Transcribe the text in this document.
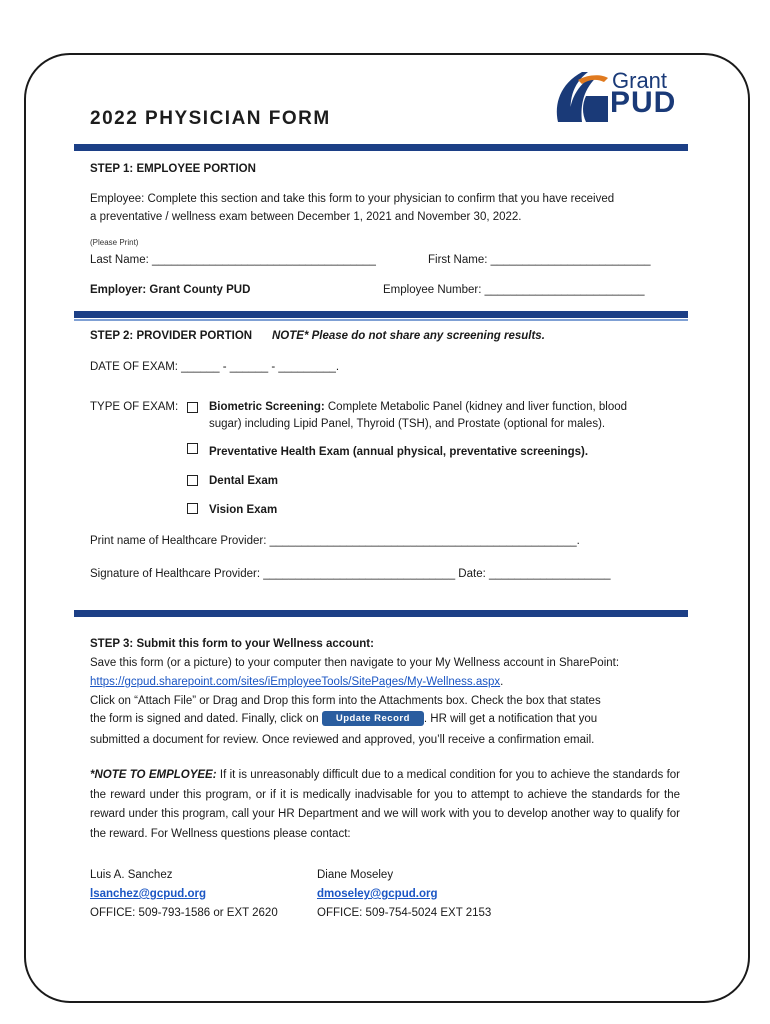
2022 PHYSICIAN FORM
Grant
PUD
STEP 1: EMPLOYEE PORTION
Employee: Complete this section and take this form to your physician to confirm that you have received
a preventative / wellness exam between December 1, 2021 and November 30, 2022.
(Please Print)
Last Name: ___________________________________	First Name: _________________________
Employer: Grant County PUD	Employee Number: _________________________
STEP 2: PROVIDER PORTION NOTE* Please do not share any screening results.
DATE OF EXAM: ______ - ______ - _________.
TYPE OF EXAM:	Biometric Screening: Complete Metabolic Panel (kidney and liver function, blood
sugar) including Lipid Panel, Thyroid (TSH), and Prostate (optional for males).
Preventative Health Exam (annual physical, preventative screenings).
Dental Exam
Vision Exam
Print name of Healthcare Provider: ________________________________________________.
Signature of Healthcare Provider: ______________________________ Date: ___________________
STEP 3: Submit this form to your Wellness account:
Save this form (or a picture) to your computer then navigate to your My Wellness account in SharePoint:
https://gcpud.sharepoint.com/sites/iEmployeeTools/SitePages/My-Wellness.aspx.
Click on “Attach File” or Drag and Drop this form into the Attachments box. Check the box that states
the form is signed and dated. Finally, click on Update Record . HR will get a notification that you
submitted a document for review. Once reviewed and approved, you’ll receive a confirmation email.
*NOTE TO EMPLOYEE: If it is unreasonably difficult due to a medical condition for you to achieve the standards for the reward under this program, or if it is medically inadvisable for you to attempt to achieve the standards for the reward under this program, call your HR Department and we will work with you to develop another way to qualify for the reward. For Wellness questions please contact:
Luis A. Sanchez
lsanchez@gcpud.org
OFFICE: 509-793-1586 or EXT 2620
Diane Moseley
dmoseley@gcpud.org
OFFICE: 509-754-5024 EXT 2153
